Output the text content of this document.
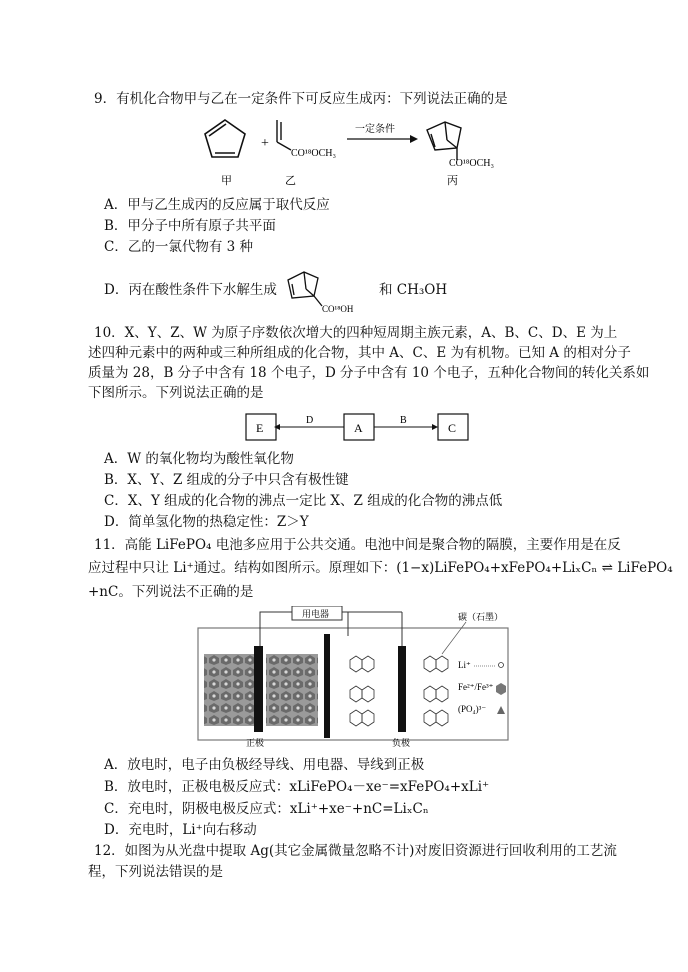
9．有机化合物甲与乙在一定条件下可反应生成丙：下列说法正确的是
+
CO¹⁸OCH₃
一定条件
CO¹⁸OCH₃
甲	乙	丙
A．甲与乙生成丙的反应属于取代反应
B．甲分子中所有原子共平面
C．乙的一氯代物有 3 种
D．丙在酸性条件下水解生成
CO¹⁸OH
和 CH₃OH
10．X、Y、Z、W 为原子序数依次增大的四种短周期主族元素，A、B、C、D、E 为上
述四种元素中的两种或三种所组成的化合物，其中 A、C、E 为有机物。已知 A 的相对分子
质量为 28，B 分子中含有 18 个电子，D 分子中含有 10 个电子，五种化合物间的转化关系如
下图所示。下列说法正确的是
E	A	C
D	B
A．W 的氧化物均为酸性氧化物
B．X、Y、Z 组成的分子中只含有极性键
C．X、Y 组成的化合物的沸点一定比 X、Z 组成的化合物的沸点低
D．简单氢化物的热稳定性：Z＞Y
11．高能 LiFePO₄ 电池多应用于公共交通。电池中间是聚合物的隔膜，主要作用是在反
应过程中只让 Li⁺通过。结构如图所示。原理如下：(1−x)LiFePO₄+xFePO₄+LiₓCₙ ⇌ LiFePO₄
+nC。下列说法不正确的是
用电器
正极	负极
碳（石墨）
Li⁺
Fe²⁺/Fe³⁺
(PO₄)³⁻
A．放电时，电子由负极经导线、用电器、导线到正极
B．放电时，正极电极反应式：xLiFePO₄－xe⁻=xFePO₄+xLi⁺
C．充电时，阴极电极反应式：xLi⁺+xe⁻+nC=LiₓCₙ
D．充电时，Li⁺向右移动
12．如图为从光盘中提取 Ag(其它金属微量忽略不计)对废旧资源进行回收利用的工艺流
程，下列说法错误的是
